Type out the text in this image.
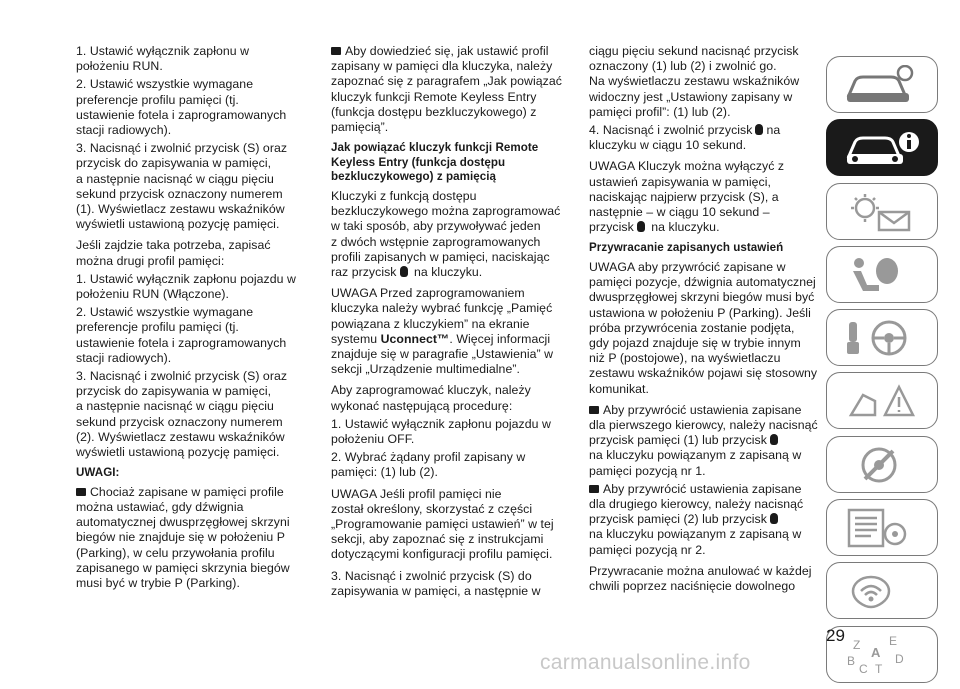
1. Ustawić wyłącznik zapłonu w
położeniu RUN.

2. Ustawić wszystkie wymagane
preferencje profilu pamięci (tj.
ustawienie fotela i zaprogramowanych
stacji radiowych).

3. Nacisnąć i zwolnić przycisk (S) oraz
przycisk do zapisywania w pamięci,
a następnie nacisnąć w ciągu pięciu
sekund przycisk oznaczony numerem
(1). Wyświetlacz zestawu wskaźników
wyświetli ustawioną pozycję pamięci.

Jeśli zajdzie taka potrzeba, zapisać
można drugi profil pamięci:

1. Ustawić wyłącznik zapłonu pojazdu w
położeniu RUN (Włączone).

2. Ustawić wszystkie wymagane
preferencje profilu pamięci (tj.
ustawienie fotela i zaprogramowanych
stacji radiowych).

3. Nacisnąć i zwolnić przycisk (S) oraz
przycisk do zapisywania w pamięci,
a następnie nacisnąć w ciągu pięciu
sekund przycisk oznaczony numerem
(2). Wyświetlacz zestawu wskaźników
wyświetli ustawioną pozycję pamięci.

UWAGI:

Chociaż zapisane w pamięci profile
można ustawiać, gdy dźwignia
automatycznej dwusprzęgłowej skrzyni
biegów nie znajduje się w położeniu P
(Parking), w celu przywołania profilu
zapisanego w pamięci skrzynia biegów
musi być w trybie P (Parking).

Aby dowiedzieć się, jak ustawić profil
zapisany w pamięci dla kluczyka, należy
zapoznać się z paragrafem „Jak powiązać
kluczyk funkcji Remote Keyless Entry
(funkcja dostępu bezkluczykowego) z
pamięcią”.

Jak powiązać kluczyk funkcji Remote
Keyless Entry (funkcja dostępu
bezkluczykowego) z pamięcią

Kluczyki z funkcją dostępu
bezkluczykowego można zaprogramować
w taki sposób, aby przywoływać jeden
z dwóch wstępnie zaprogramowanych
profili zapisanych w pamięci, naciskając
raz przycisk na kluczyku.

UWAGA Przed zaprogramowaniem
kluczyka należy wybrać funkcję „Pamięć
powiązana z kluczykiem” na ekranie
systemu Uconnect™. Więcej informacji
znajduje się w paragrafie „Ustawienia” w
sekcji „Urządzenie multimedialne”.

Aby zaprogramować kluczyk, należy
wykonać następującą procedurę:

1. Ustawić wyłącznik zapłonu pojazdu w
położeniu OFF.

2. Wybrać żądany profil zapisany w
pamięci: (1) lub (2).

UWAGA Jeśli profil pamięci nie
został określony, skorzystać z części
„Programowanie pamięci ustawień” w tej
sekcji, aby zapoznać się z instrukcjami
dotyczącymi konfiguracji profilu pamięci.

3. Nacisnąć i zwolnić przycisk (S) do
zapisywania w pamięci, a następnie w

ciągu pięciu sekund nacisnąć przycisk
oznaczony (1) lub (2) i zwolnić go.
Na wyświetlaczu zestawu wskaźników
widoczny jest „Ustawiony zapisany w
pamięci profil”: (1) lub (2).

4. Nacisnąć i zwolnić przycisk na
kluczyku w ciągu 10 sekund.

UWAGA Kluczyk można wyłączyć z
ustawień zapisywania w pamięci,
naciskając najpierw przycisk (S), a
następnie – w ciągu 10 sekund –
przycisk na kluczyku.

Przywracanie zapisanych ustawień

UWAGA aby przywrócić zapisane w
pamięci pozycje, dźwignia automatycznej
dwusprzęgłowej skrzyni biegów musi być
ustawiona w położeniu P (Parking). Jeśli
próba przywrócenia zostanie podjęta,
gdy pojazd znajduje się w trybie innym
niż P (postojowe), na wyświetlaczu
zestawu wskaźników pojawi się stosowny
komunikat.

Aby przywrócić ustawienia zapisane
dla pierwszego kierowcy, należy nacisnąć
przycisk pamięci (1) lub przycisk
na kluczyku powiązanym z zapisaną w
pamięci pozycją nr 1.

Aby przywrócić ustawienia zapisane
dla drugiego kierowcy, należy nacisnąć
przycisk pamięci (2) lub przycisk
na kluczyku powiązanym z zapisaną w
pamięci pozycją nr 2.

Przywracanie można anulować w każdej
chwili poprzez naciśnięcie dowolnego

Z E
B
A
C
D
T
29
carmanualsonline.info
